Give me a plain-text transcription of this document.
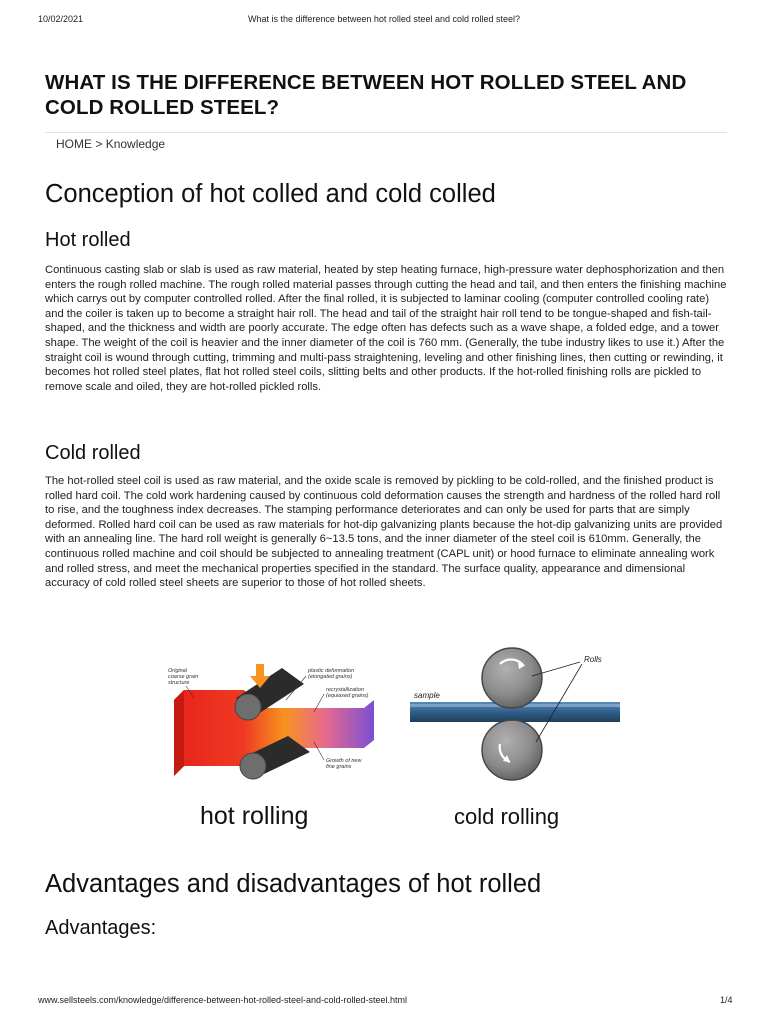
10/02/2021	What is the difference between hot rolled steel and cold rolled steel?
WHAT IS THE DIFFERENCE BETWEEN HOT ROLLED STEEL AND COLD ROLLED STEEL?
HOME > Knowledge
Conception of hot colled and cold colled
Hot rolled

Continuous casting slab or slab is used as raw material, heated by step heating furnace, high-pressure water dephosphorization and then enters the rough rolled machine. The rough rolled material passes through cutting the head and tail, and then enters the finishing machine which carrys out by computer controlled rolled. After the final rolled, it is subjected to laminar cooling (computer controlled cooling rate) and the coiler is taken up to become a straight hair roll. The head and tail of the straight hair roll tend to be tongue-shaped and fish-tail-shaped, and the thickness and width are poorly accurate. The edge often has defects such as a wave shape, a folded edge, and a tower shape. The weight of the coil is heavier and the inner diameter of the coil is 760 mm. (Generally, the tube industry likes to use it.) After the straight coil is wound through cutting, trimming and multi-pass straightening, leveling and other finishing lines, then cutting or rewinding, it becomes hot rolled steel plates, flat hot rolled steel coils, slitting belts and other products. If the hot-rolled finishing rolls are pickled to remove scale and oiled, they are hot-rolled pickled rolls.

Cold rolled

The hot-rolled steel coil is used as raw material, and the oxide scale is removed by pickling to be cold-rolled, and the finished product is rolled hard coil. The cold work hardening caused by continuous cold deformation causes the strength and hardness of the rolled hard roll to rise, and the toughness index decreases. The stamping performance deteriorates and can only be used for parts that are simply deformed. Rolled hard coil can be used as raw materials for hot-dip galvanizing plants because the hot-dip galvanizing units are provided with an annealing line. The hard roll weight is generally 6~13.5 tons, and the inner diameter of the steel coil is 610mm. Generally, the continuous rolled machine and coil should be subjected to annealing treatment (CAPL unit) or hood furnace to eliminate annealing work and rolled stress, and meet the mechanical properties specified in the standard. The surface quality, appearance and dimensional accuracy of cold rolled steel sheets are superior to those of hot rolled sheets.

Advantages and disadvantages of hot rolled
Advantages:
Original
coarse grain
structure
plastic deformation
(elongated grains)
recrystallization
(equiaxed grains)
Growth of new
fine grains
hot rolling
Rolls
sample
cold rolling
www.sellsteels.com/knowledge/difference-between-hot-rolled-steel-and-cold-rolled-steel.html	1/4
